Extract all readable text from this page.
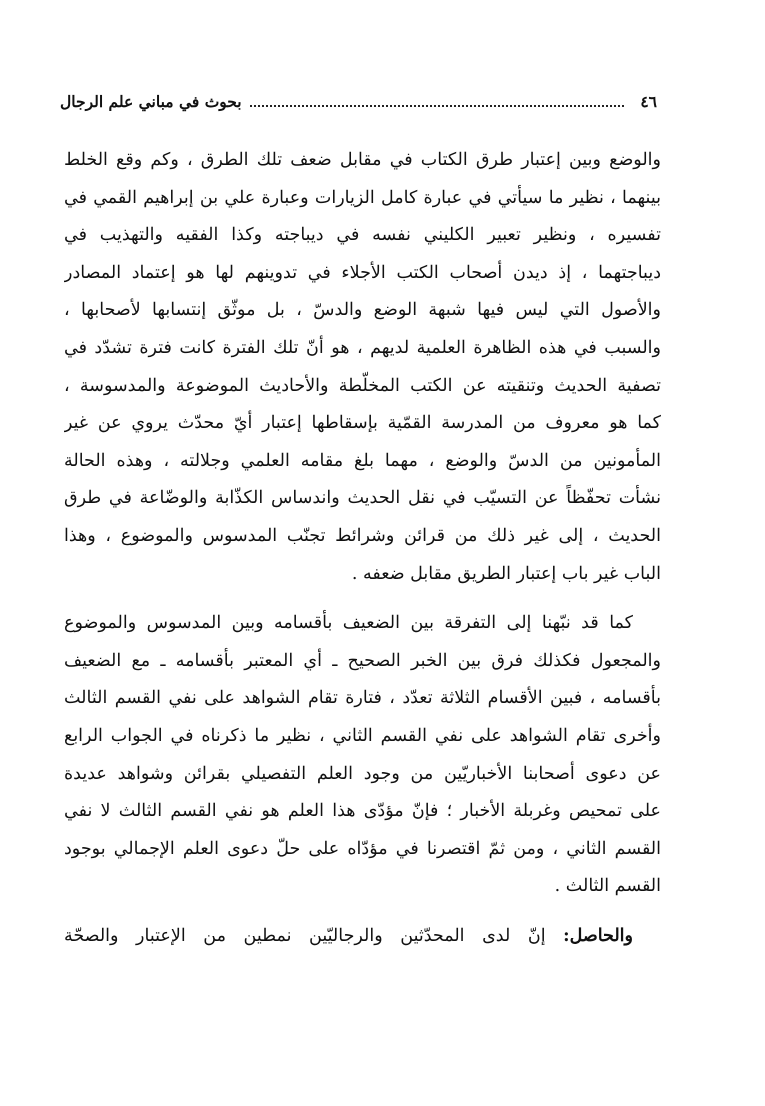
٤٦
بحوث في مباني علم الرجال
والوضع وبين إعتبار طرق الكتاب في مقابل ضعف تلك الطرق ، وكم وقع الخلط
بينهما ، نظير ما سيأتي في عبارة كامل الزيارات وعبارة علي بن إبراهيم القمي في
تفسيره ، ونظير تعبير الكليني نفسه في ديباجته وكذا الفقيه والتهذيب في
ديباجتهما ، إذ ديدن أصحاب الكتب الأجلاء في تدوينهم لها هو إعتماد المصادر
والأصول التي ليس فيها شبهة الوضع والدسّ ، بل موثّق إنتسابها لأصحابها ،
والسبب في هذه الظاهرة العلمية لديهم ، هو أنّ تلك الفترة كانت فترة تشدّد في
تصفية الحديث وتنقيته عن الكتب المخلّطة والأحاديث الموضوعة والمدسوسة ،
كما هو معروف من المدرسة القمّية بإسقاطها إعتبار أيّ محدّث يروي عن غير
المأمونين من الدسّ والوضع ، مهما بلغ مقامه العلمي وجلالته ، وهذه الحالة
نشأت تحفّظاً عن التسيّب في نقل الحديث واندساس الكذّابة والوضّاعة في طرق
الحديث ، إلى غير ذلك من قرائن وشرائط تجنّب المدسوس والموضوع ، وهذا
الباب غير باب إعتبار الطريق مقابل ضعفه .
كما قد نبّهنا إلى التفرقة بين الضعيف بأقسامه وبين المدسوس والموضوع
والمجعول فكذلك فرق بين الخبر الصحيح ـ أي المعتبر بأقسامه ـ مع الضعيف
بأقسامه ، فبين الأقسام الثلاثة تعدّد ، فتارة تقام الشواهد على نفي القسم الثالث
وأخرى تقام الشواهد على نفي القسم الثاني ، نظير ما ذكرناه في الجواب الرابع
عن دعوى أصحابنا الأخباريّين من وجود العلم التفصيلي بقرائن وشواهد عديدة
على تمحيص وغربلة الأخبار ؛ فإنّ مؤدّى هذا العلم هو نفي القسم الثالث لا نفي
القسم الثاني ، ومن ثمّ اقتصرنا في مؤدّاه على حلّ دعوى العلم الإجمالي بوجود
القسم الثالث .
والحاصل: إنّ لدى المحدّثين والرجاليّين نمطين من الإعتبار والصحّة
